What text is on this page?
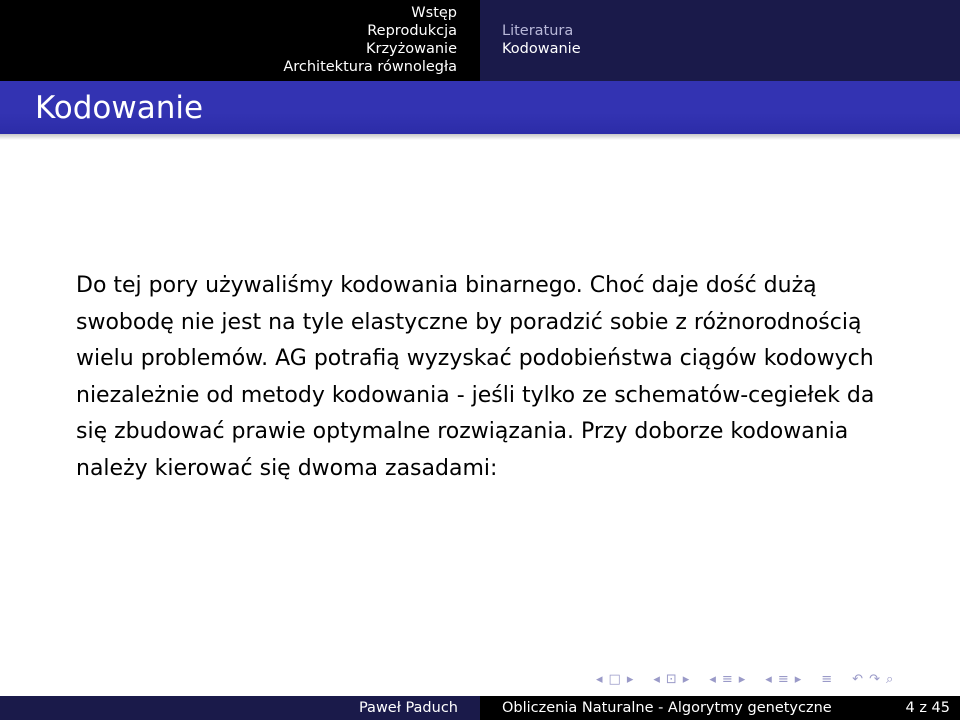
Wstęp
Reprodukcja
Krzyżowanie
Architektura równoległa
Literatura
Kodowanie
Kodowanie
Do tej pory używaliśmy kodowania binarnego. Choć daje dość dużą swobodę nie jest na tyle elastyczne by poradzić sobie z różnorodnością wielu problemów. AG potrafią wyzyskać podobieństwa ciągów kodowych niezależnie od metody kodowania - jeśli tylko ze schematów-cegiełek da się zbudować prawie optymalne rozwiązania. Przy doborze kodowania należy kierować się dwoma zasadami:
◂ □ ▸ ◂ ⊡ ▸ ◂ ≡ ▸ ◂ ≡ ▸ ≡ ↶ ↷ ⌕
Paweł Paduch	Obliczenia Naturalne - Algorytmy genetyczne	4 z 45
